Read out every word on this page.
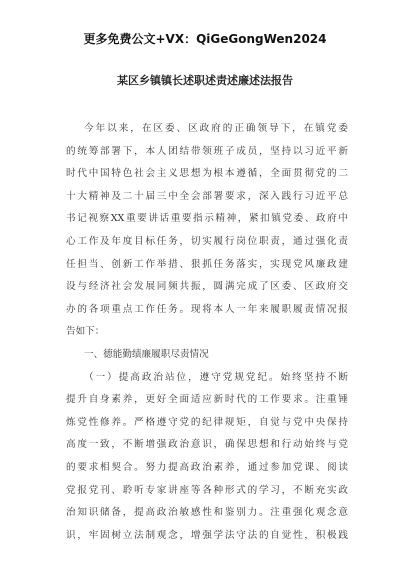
更多免费公文+VX：QiGeGongWen2024
某区乡镇镇长述职述责述廉述法报告
今年以来，在区委、区政府的正确领导下，在镇党委
的统筹部署下，本人团结带领班子成员，坚持以习近平新
时代中国特色社会主义思想为根本遵循，全面贯彻党的二
十大精神及二十届三中全会部署要求，深入践行习近平总
书记视察XX重要讲话重要指示精神，紧扣镇党委、政府中
心工作及年度目标任务，切实履行岗位职责，通过强化责
任担当、创新工作举措、狠抓任务落实，实现党风廉政建
设与经济社会发展同频共振，圆满完成了区委、区政府交
办的各项重点工作任务。现将本人一年来履职履责情况报
告如下：
一、德能勤绩廉履职尽责情况
（一）提高政治站位，遵守党规党纪。始终坚持不断
提升自身素养，更好全面适应新时代的工作要求。注重锤
炼党性修养。严格遵守党的纪律规矩，自觉与党中央保持
高度一致，不断增强政治意识，确保思想和行动始终与党
的要求相契合。努力提高政治素养，通过参加党课、阅读
党报党刊、聆听专家讲座等各种形式的学习，不断充实政
治知识储备，提高政治敏感性和鉴别力。注重强化观念意
识，牢固树立法制观念，增强学法守法的自觉性，积极践
